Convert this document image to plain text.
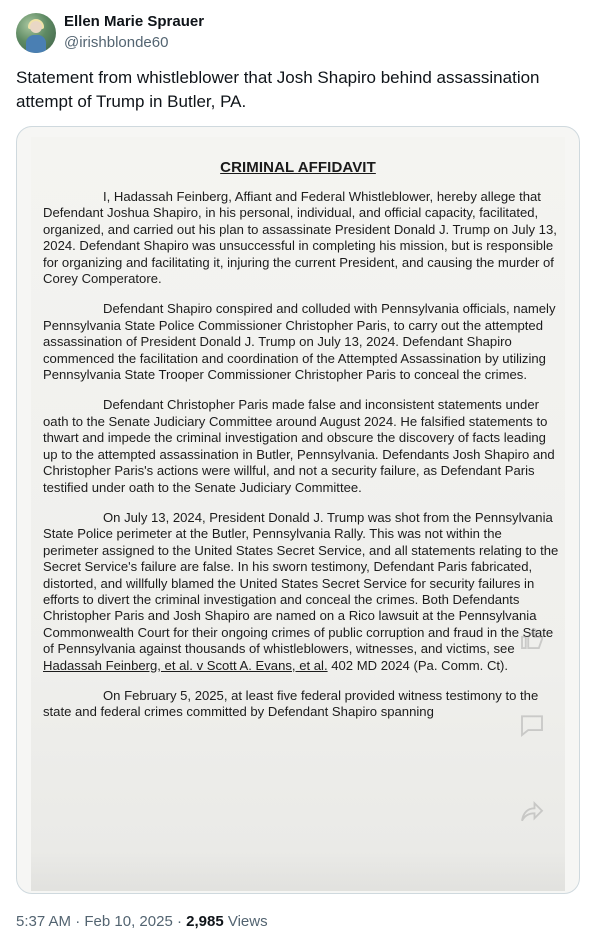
Ellen Marie Sprauer
@irishblonde60
Statement from whistleblower that Josh Shapiro behind assassination attempt of Trump in Butler, PA.
CRIMINAL AFFIDAVIT

I, Hadassah Feinberg, Affiant and Federal Whistleblower, hereby allege that Defendant Joshua Shapiro, in his personal, individual, and official capacity, facilitated, organized, and carried out his plan to assassinate President Donald J. Trump on July 13, 2024. Defendant Shapiro was unsuccessful in completing his mission, but is responsible for organizing and facilitating it, injuring the current President, and causing the murder of Corey Comperatore.

Defendant Shapiro conspired and colluded with Pennsylvania officials, namely Pennsylvania State Police Commissioner Christopher Paris, to carry out the attempted assassination of President Donald J. Trump on July 13, 2024. Defendant Shapiro commenced the facilitation and coordination of the Attempted Assassination by utilizing Pennsylvania State Trooper Commissioner Christopher Paris to conceal the crimes.

Defendant Christopher Paris made false and inconsistent statements under oath to the Senate Judiciary Committee around August 2024. He falsified statements to thwart and impede the criminal investigation and obscure the discovery of facts leading up to the attempted assassination in Butler, Pennsylvania. Defendants Josh Shapiro and Christopher Paris's actions were willful, and not a security failure, as Defendant Paris testified under oath to the Senate Judiciary Committee.

On July 13, 2024, President Donald J. Trump was shot from the Pennsylvania State Police perimeter at the Butler, Pennsylvania Rally. This was not within the perimeter assigned to the United States Secret Service, and all statements relating to the Secret Service's failure are false. In his sworn testimony, Defendant Paris fabricated, distorted, and willfully blamed the United States Secret Service for security failures in efforts to divert the criminal investigation and conceal the crimes. Both Defendants Christopher Paris and Josh Shapiro are named on a Rico lawsuit at the Pennsylvania Commonwealth Court for their ongoing crimes of public corruption and fraud in the State of Pennsylvania against thousands of whistleblowers, witnesses, and victims, see Hadassah Feinberg, et al. v Scott A. Evans, et al. 402 MD 2024 (Pa. Comm. Ct).

On February 5, 2025, at least five federal provided witness testimony to the state and federal crimes committed by Defendant Shapiro spanning

5:37 AM · Feb 10, 2025 · 2,985 Views
